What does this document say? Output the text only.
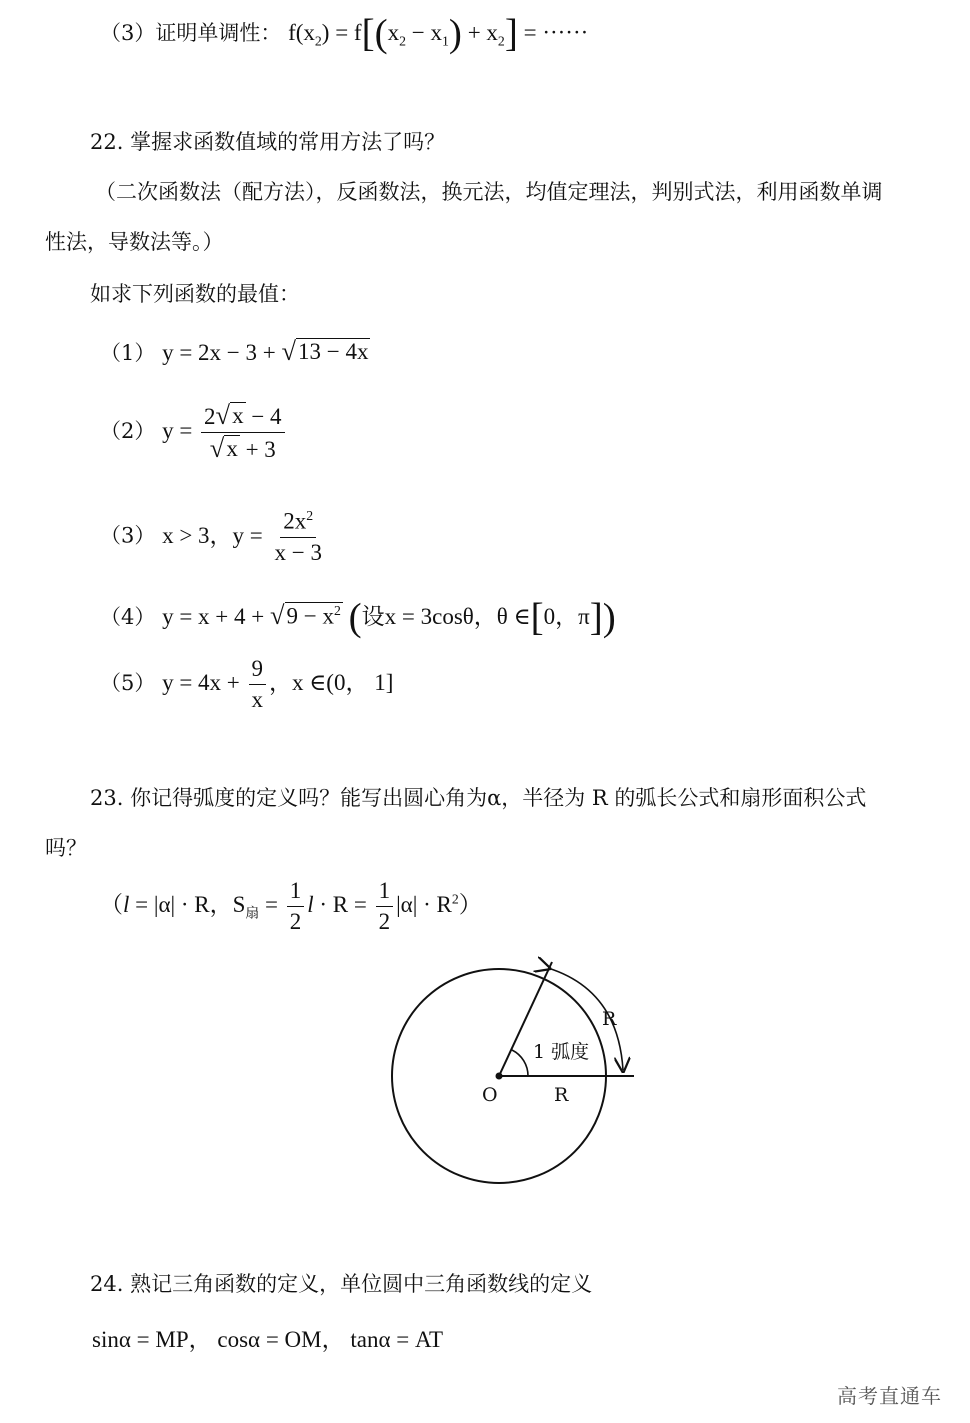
（3）证明单调性： $f(x_2) = f[(x_2 - x_1) + x_2]$ = ······
22. 掌握求函数值域的常用方法了吗？
（二次函数法（配方法），反函数法，换元法，均值定理法，判别式法，利用函数单调
性法，导数法等。）
如求下列函数的最值：
（1） y = 2x − 3 + √ 13 − 4x
（2） $y = \frac{2 √ x - 4}{√ x + 3}$
（3） x > 3，$y = \frac{2x^2}{x - 3}$
（4） y = x + 4 + √ $9 - x^2$ (设x = 3cosθ，θ ∈[0，π])
（5） $y = 4x + \frac{9}{x}$ ，x ∈(0， 1]
23. 你记得弧度的定义吗？能写出圆心角为α，半径为 R 的弧长公式和扇形面积公式
吗？
（l = |α| · R，$S_扇 = \frac{1}{2}$ $l \cdot R = \frac{1}{2} |\alpha| \cdot R^2$）
O	R
R
1 弧度
24. 熟记三角函数的定义，单位圆中三角函数线的定义
sinα = MP， cosα = OM， tanα = AT
高考直通车
